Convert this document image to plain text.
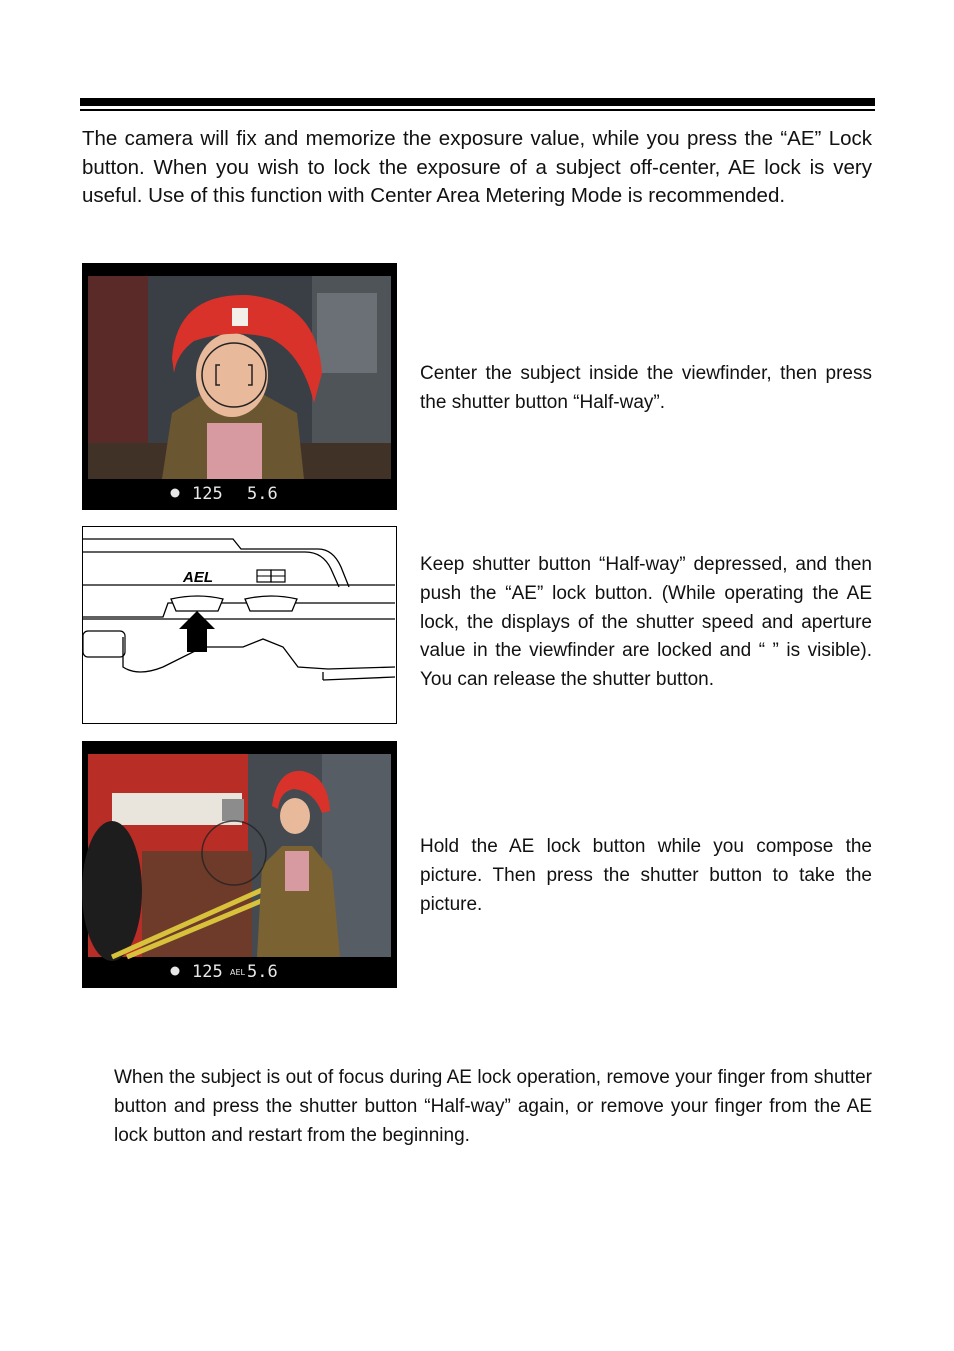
The camera will fix and memorize the exposure value, while you press the “AE” Lock button. When you wish to lock the exposure of a subject off-center, AE lock is very useful. Use of this function with Center Area Metering Mode is recommended.

125 5.6

Center the subject inside the viewfinder, then press the shutter button “Half-way”.

AEL

Keep shutter button “Half-way” depressed, and then push the “AE” lock button. (While operating the AE lock, the displays of the shutter speed and aperture value in the viewfinder are locked and “ ” is visible). You can release the shutter button.

125 AEL 5.6

Hold the AE lock button while you compose the picture. Then press the shutter button to take the picture.

When the subject is out of focus during AE lock operation, remove your finger from shutter button and press the shutter button “Half-way” again, or remove your finger from the AE lock button and restart from the beginning.
